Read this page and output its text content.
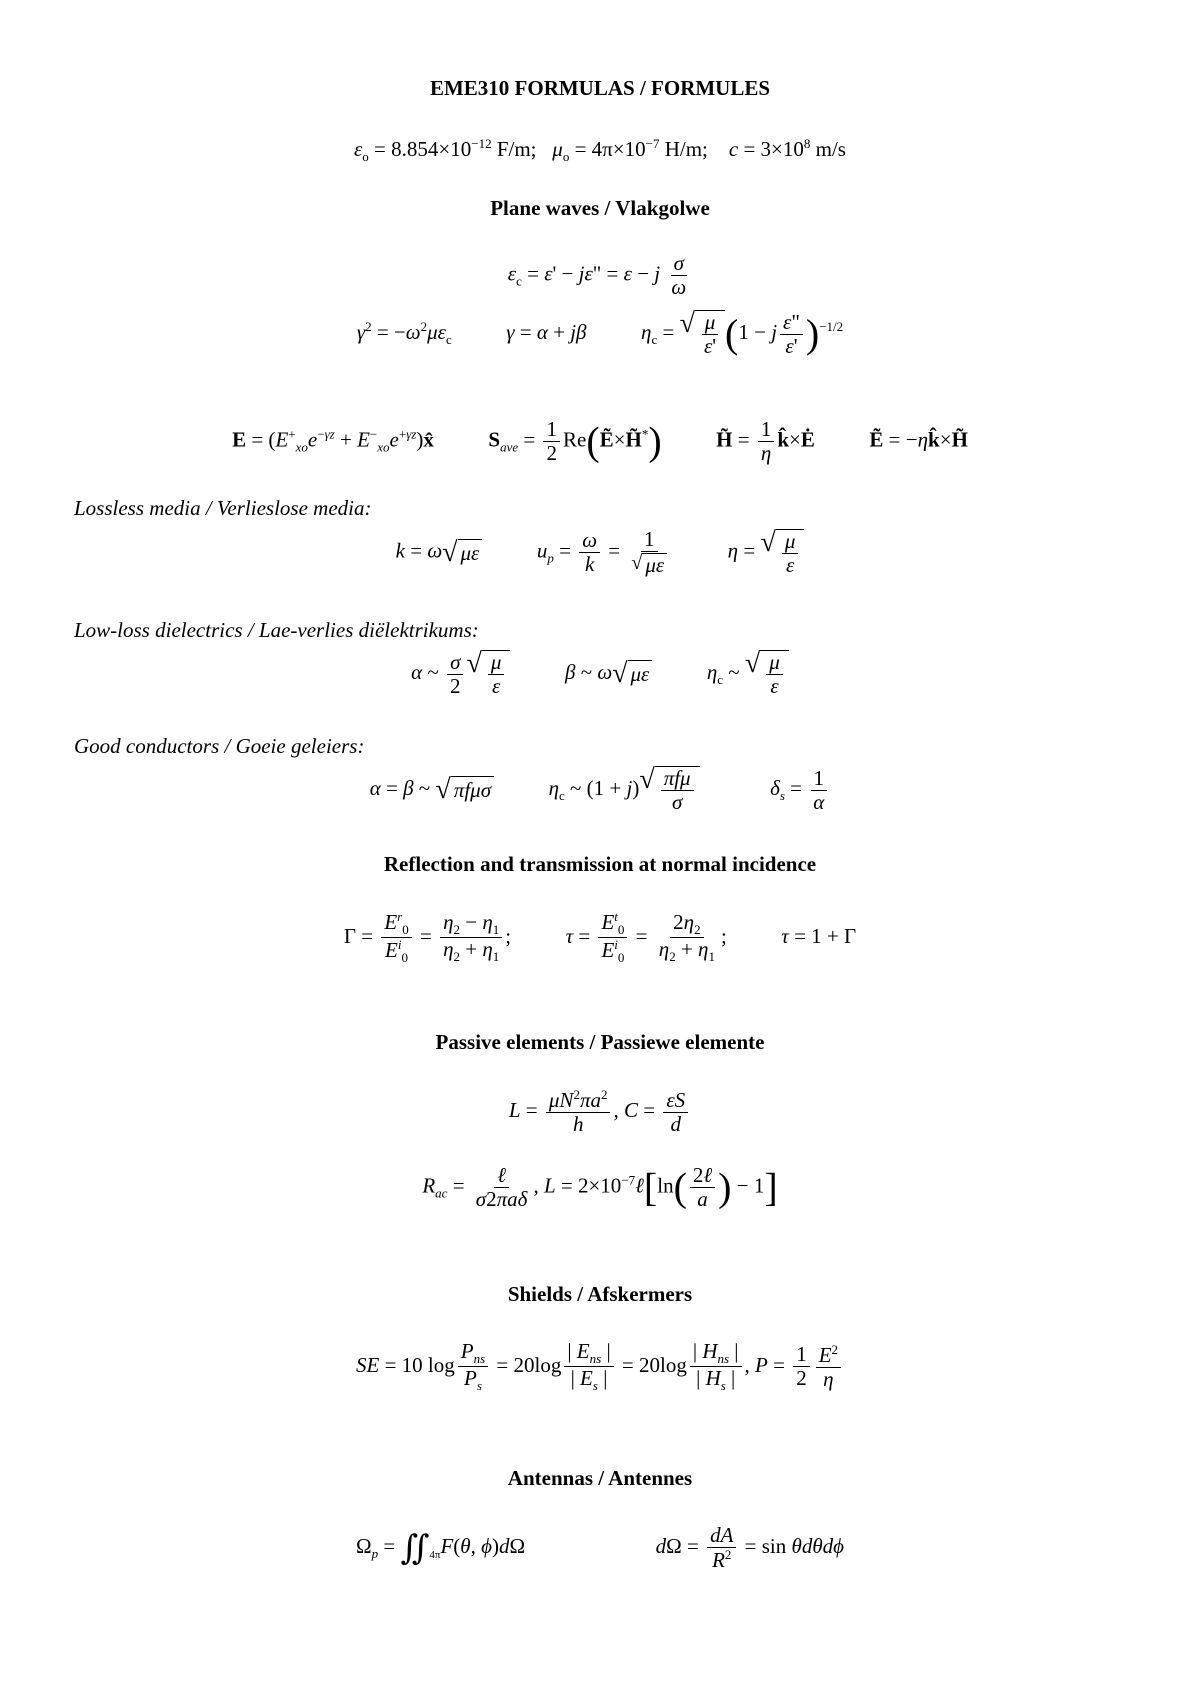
EME310 FORMULAS / FORMULES
$\varepsilon_o = 8.854\times 10^{-12}$ F/m; $\mu_o = 4\pi\times 10^{-7}$ H/m; $c = 3\times 10^8$ m/s
Plane waves / Vlakgolwe
$\varepsilon_c = \varepsilon' - j\varepsilon$" = ε − j $\frac{\sigma}{\omega}$
$\gamma^2 = -\omega^2\mu\varepsilon_c$	γ = α + jβ	$\eta_c$ = √ $\frac{\mu}{\varepsilon'} (1 - j \frac{\varepsilon"}{\varepsilon'} )^{-1/2}$
$E = (E^+_{xo}e^{-\gamma z}$ + $E^-_{xo}e^{+\gamma z})x̂$	$S_{ave} = \frac{1}{2}$ Re(Ẽ×H̃*)	H̃ = $\frac{1}{\eta}$ k̂×Ė	Ẽ = −ηk̂×H̃
Lossless media / Verlieslose media:
k = ω √ με	$u_p = \frac{\omega}{k} = \frac{1}{√ \mu\varepsilon}$	η = √ $\frac{\mu}{\varepsilon}$
Low-loss dielectrics / Lae-verlies diëlektrikums:
α ~ $\frac{\sigma}{2}$ √ $\frac{\mu}{\varepsilon}$	β ~ ω √ με	$\eta_c$ ~ √ $\frac{\mu}{\varepsilon}$
Good conductors / Goeie geleiers:
α = β ~ √ πfμσ	$\eta_c$ ~ (1 + j) √ $\frac{\text{πfμ}}{\sigma}$	$\delta_s = \frac{1}{\alpha}$
Reflection and transmission at normal incidence
$\Gamma = \frac{E^r_0}{E^i_0} = \frac{\eta_2 - \eta_1}{\eta_2 + \eta_1}$ ;  $\tau = \frac{E^t_0}{E^i_0} = \frac{2\eta_2}{\eta_2 + \eta_1}$ ;  τ = 1 + Γ
Passive elements / Passiewe elemente
$L = \frac{\mu N^2\pi a^2}{h}$ , $C = \frac{\varepsilon S}{d}$
$R_{ac} = \frac{\text{ℓ}}{\text{σ2πaδ}}$ , $L = 2\times 10^{-7}\ell[\ln( \frac{\text{2ℓ}}{a}$ ) − 1]
Shields / Afskermers
SE = 10 $\log \frac{P_{ns}}{P_s} = 20\log \frac{| E_{ns} |}{| E_s |} = 20\log \frac{| H_{ns} |}{| H_s |}$ , $P = \frac{1}{2} \frac{E^2}{\eta}$
Antennas / Antennes
$\Omega_p$ = $∬_{4\pi}F(\theta$, ϕ)dΩ	$d\Omega = \frac{dA}{R^2} = \sin \theta d\theta d\phi$
